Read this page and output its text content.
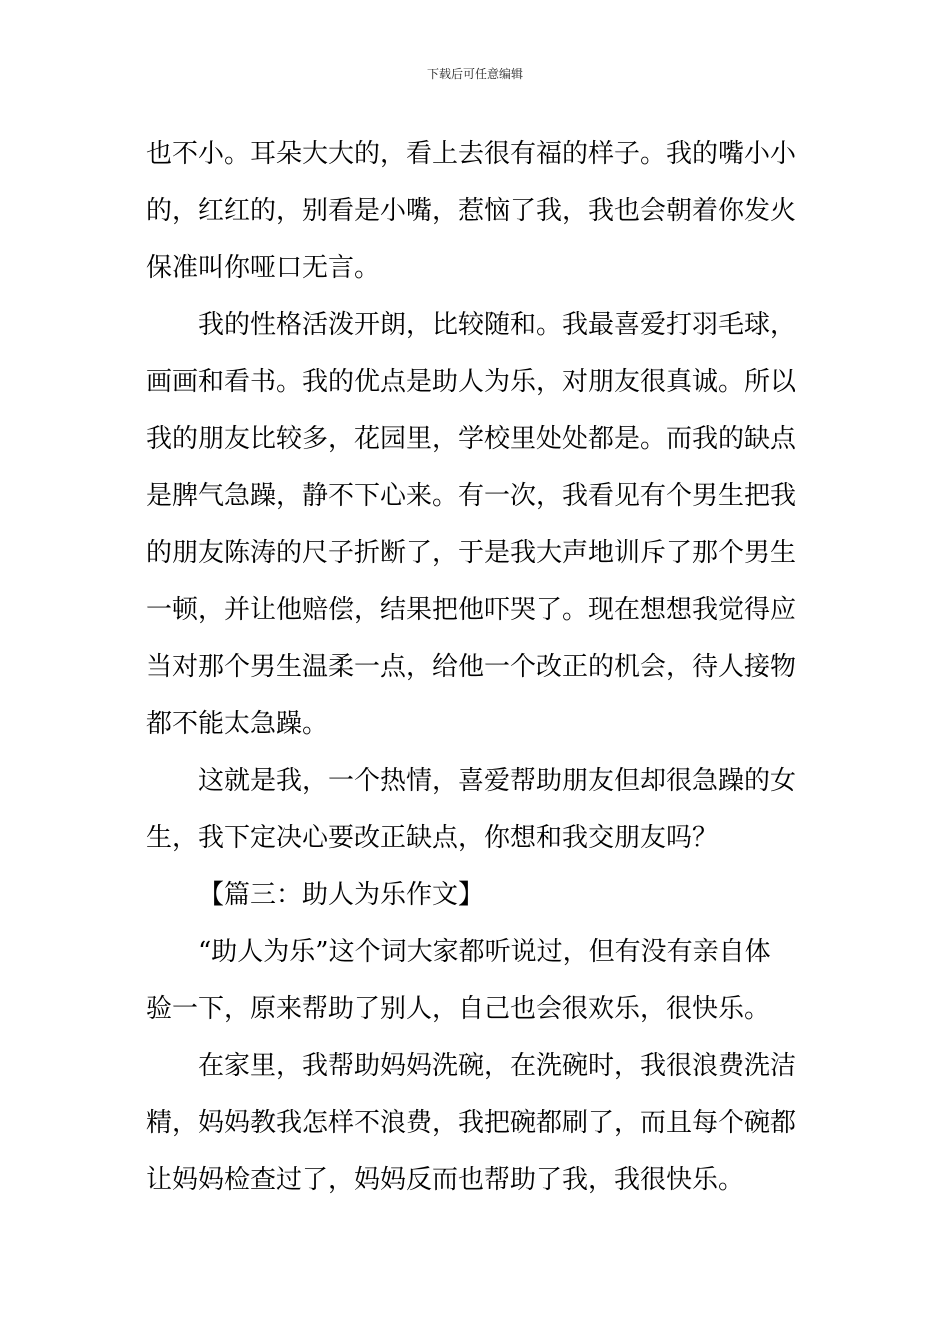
下载后可任意编辑
也不小。耳朵大大的，看上去很有福的样子。我的嘴小小
的，红红的，别看是小嘴，惹恼了我，我也会朝着你发火
保准叫你哑口无言。
我的性格活泼开朗，比较随和。我最喜爱打羽毛球，
画画和看书。我的优点是助人为乐，对朋友很真诚。所以
我的朋友比较多，花园里，学校里处处都是。而我的缺点
是脾气急躁，静不下心来。有一次，我看见有个男生把我
的朋友陈涛的尺子折断了，于是我大声地训斥了那个男生
一顿，并让他赔偿，结果把他吓哭了。现在想想我觉得应
当对那个男生温柔一点，给他一个改正的机会，待人接物
都不能太急躁。
这就是我，一个热情，喜爱帮助朋友但却很急躁的女
生，我下定决心要改正缺点，你想和我交朋友吗？
【篇三：助人为乐作文】
“助人为乐”这个词大家都听说过，但有没有亲自体
验一下，原来帮助了别人，自己也会很欢乐，很快乐。
在家里，我帮助妈妈洗碗，在洗碗时，我很浪费洗洁
精，妈妈教我怎样不浪费，我把碗都刷了，而且每个碗都
让妈妈检查过了，妈妈反而也帮助了我，我很快乐。
